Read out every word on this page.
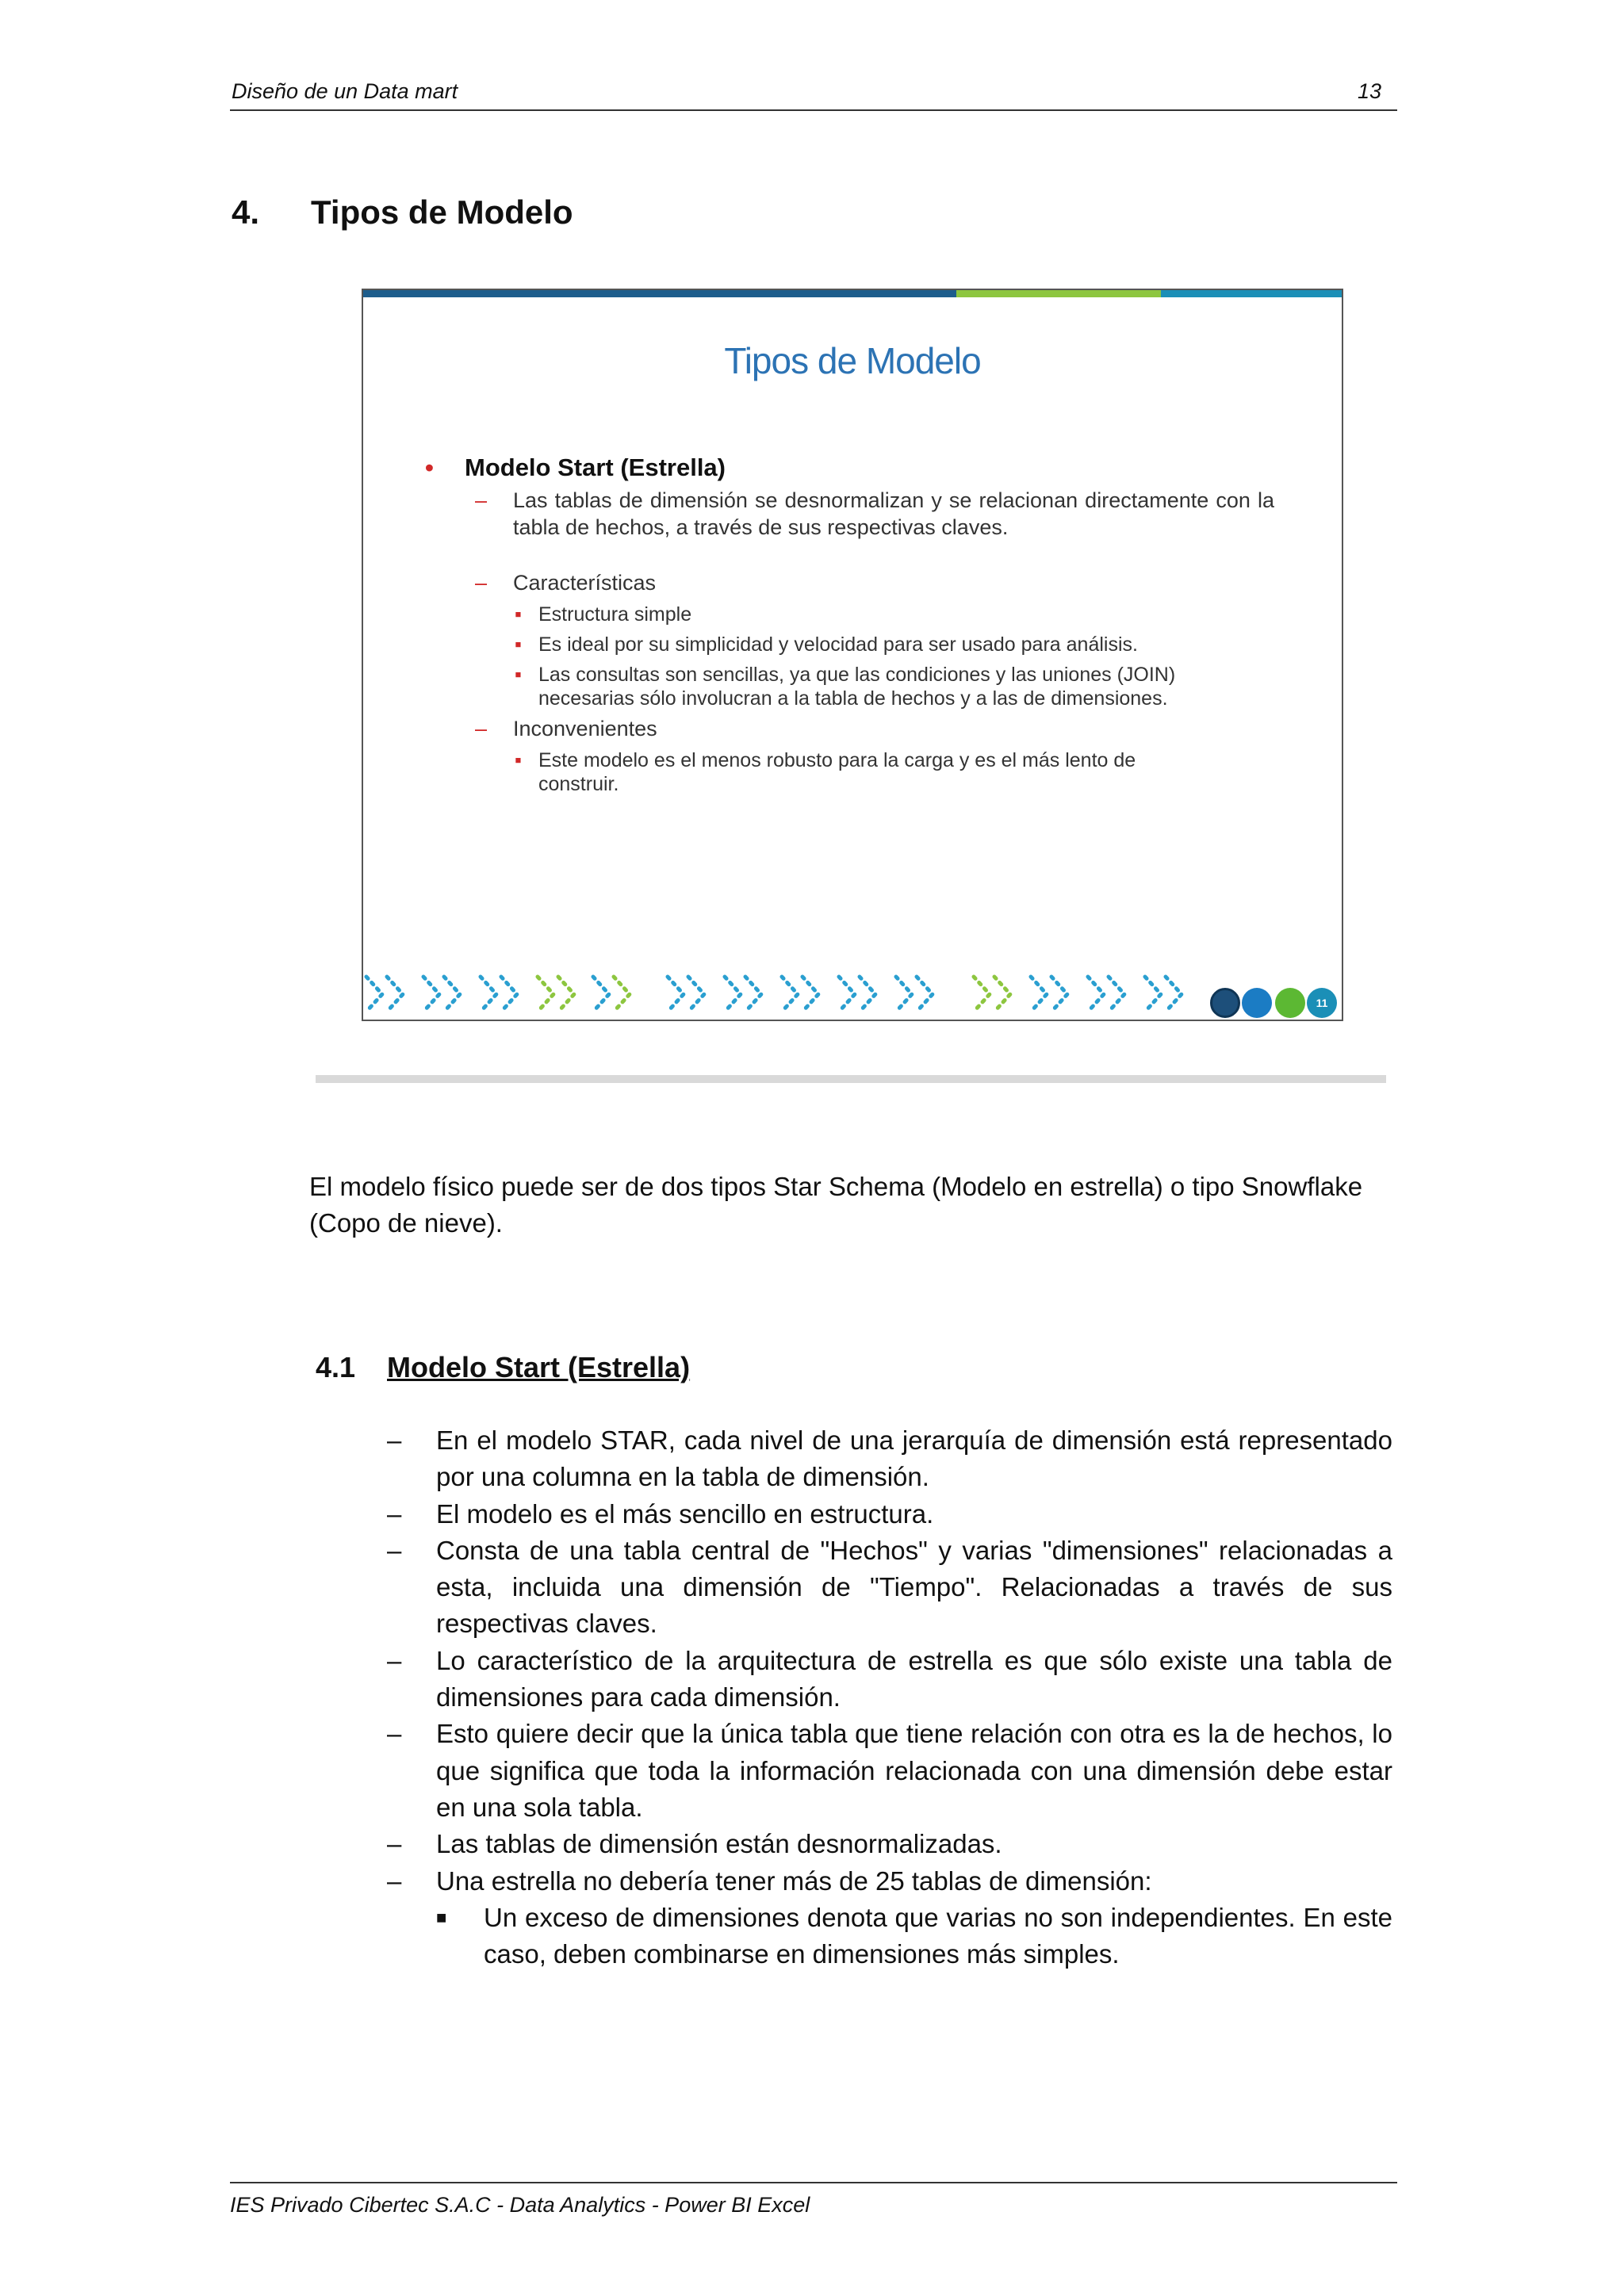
Diseño de un Data mart	13
4. Tipos de Modelo
Tipos de Modelo
• Modelo Start (Estrella)
– Las tablas de dimensión se desnormalizan y se relacionan directamente con la tabla de hechos, a través de sus respectivas claves.
– Características
▪ Estructura simple
▪ Es ideal por su simplicidad y velocidad para ser usado para análisis.
▪ Las consultas son sencillas, ya que las condiciones y las uniones (JOIN) necesarias sólo involucran a la tabla de hechos y a las de dimensiones.
– Inconvenientes
▪ Este modelo es el menos robusto para la carga y es el más lento de construir.
11
El modelo físico puede ser de dos tipos Star Schema (Modelo en estrella) o tipo Snowflake (Copo de nieve).
4.1 Modelo Start (Estrella)
– En el modelo STAR, cada nivel de una jerarquía de dimensión está representado por una columna en la tabla de dimensión.
– El modelo es el más sencillo en estructura.
– Consta de una tabla central de "Hechos" y varias "dimensiones" relacionadas a esta, incluida una dimensión de "Tiempo". Relacionadas a través de sus respectivas claves.
– Lo característico de la arquitectura de estrella es que sólo existe una tabla de dimensiones para cada dimensión.
– Esto quiere decir que la única tabla que tiene relación con otra es la de hechos, lo que significa que toda la información relacionada con una dimensión debe estar en una sola tabla.
– Las tablas de dimensión están desnormalizadas.
– Una estrella no debería tener más de 25 tablas de dimensión:
■ Un exceso de dimensiones denota que varias no son independientes. En este caso, deben combinarse en dimensiones más simples.
IES Privado Cibertec S.A.C - Data Analytics - Power BI Excel
